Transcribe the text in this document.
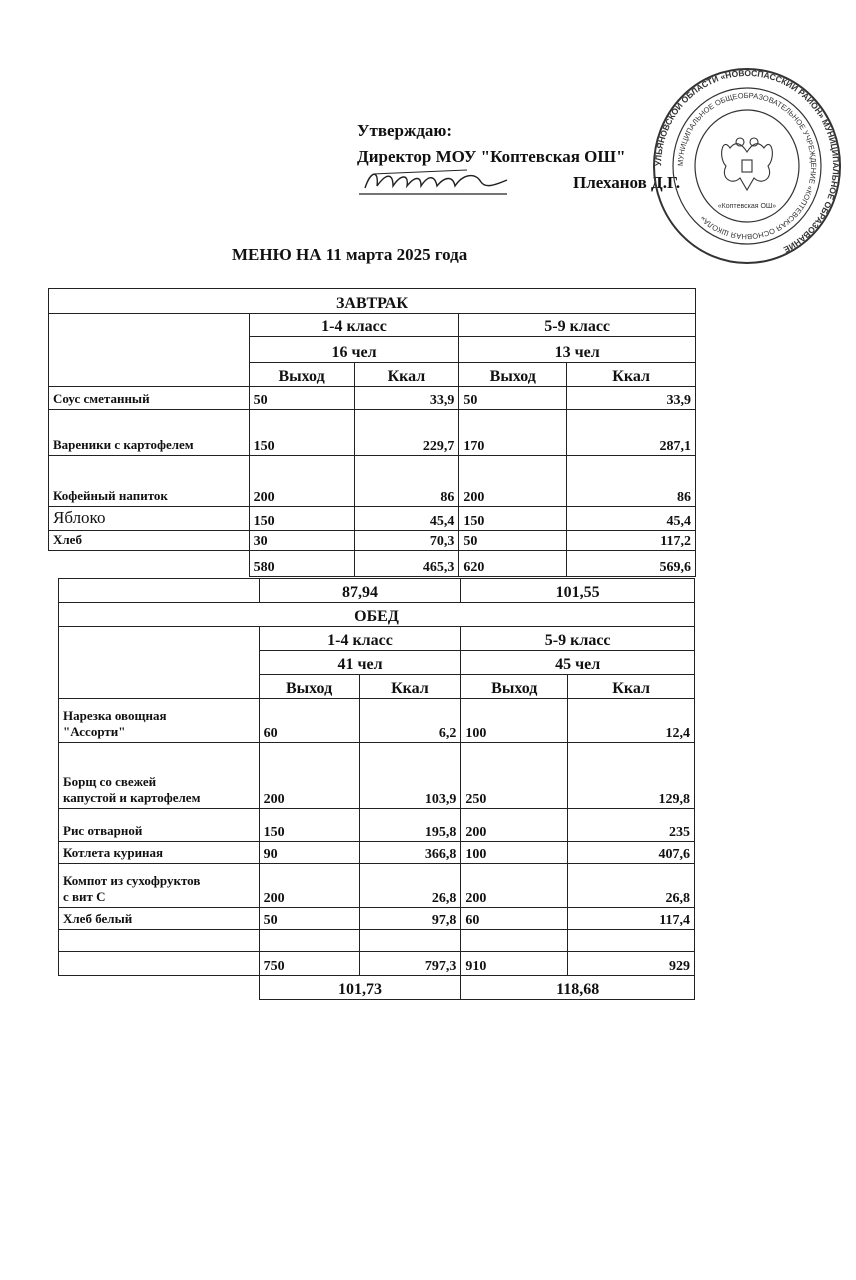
Утверждаю:
Директор МОУ "Коптевская ОШ"
Плеханов Д.Г.
УЛЬЯНОВСКОЙ ОБЛАСТИ «НОВОСПАССКИЙ РАЙОН» МУНИЦИПАЛЬНОЕ ОБРАЗОВАНИЕ
МУНИЦИПАЛЬНОЕ ОБЩЕОБРАЗОВАТЕЛЬНОЕ УЧРЕЖДЕНИЕ «КОПТЕВСКАЯ ОСНОВНАЯ ШКОЛА»
«Коптевская ОШ»
МЕНЮ НА 11 марта 2025 года
ЗАВТРАК				
	1-4 класс		5-9 класс	
	16 чел		13 чел	
	Выход	Ккал	Выход	Ккал
Соус сметанный	50	33,9	50	33,9
Вареники с картофелем	150	229,7	170	287,1
Кофейный напиток	200	86	200	86
Яблоко	150	45,4	150	45,4
Хлеб	30	70,3	50	117,2
	580	465,3	620	569,6
	87,94	101,55
ОБЕД				
	1-4 класс		5-9 класс	
	41 чел		45 чел	
	Выход	Ккал	Выход	Ккал

Нарезка овощная
"Ассорти"	60	6,2	100	12,4

Борщ со свежей
капустой и картофелем	200	103,9	250	129,8
Рис отварной	150	195,8	200	235
Котлета куриная	90	366,8	100	407,6

Компот из сухофруктов
с вит С	200	26,8	200	26,8
Хлеб белый	50	97,8	60	117,4

	750	797,3	910	929
	101,73		118,68	
